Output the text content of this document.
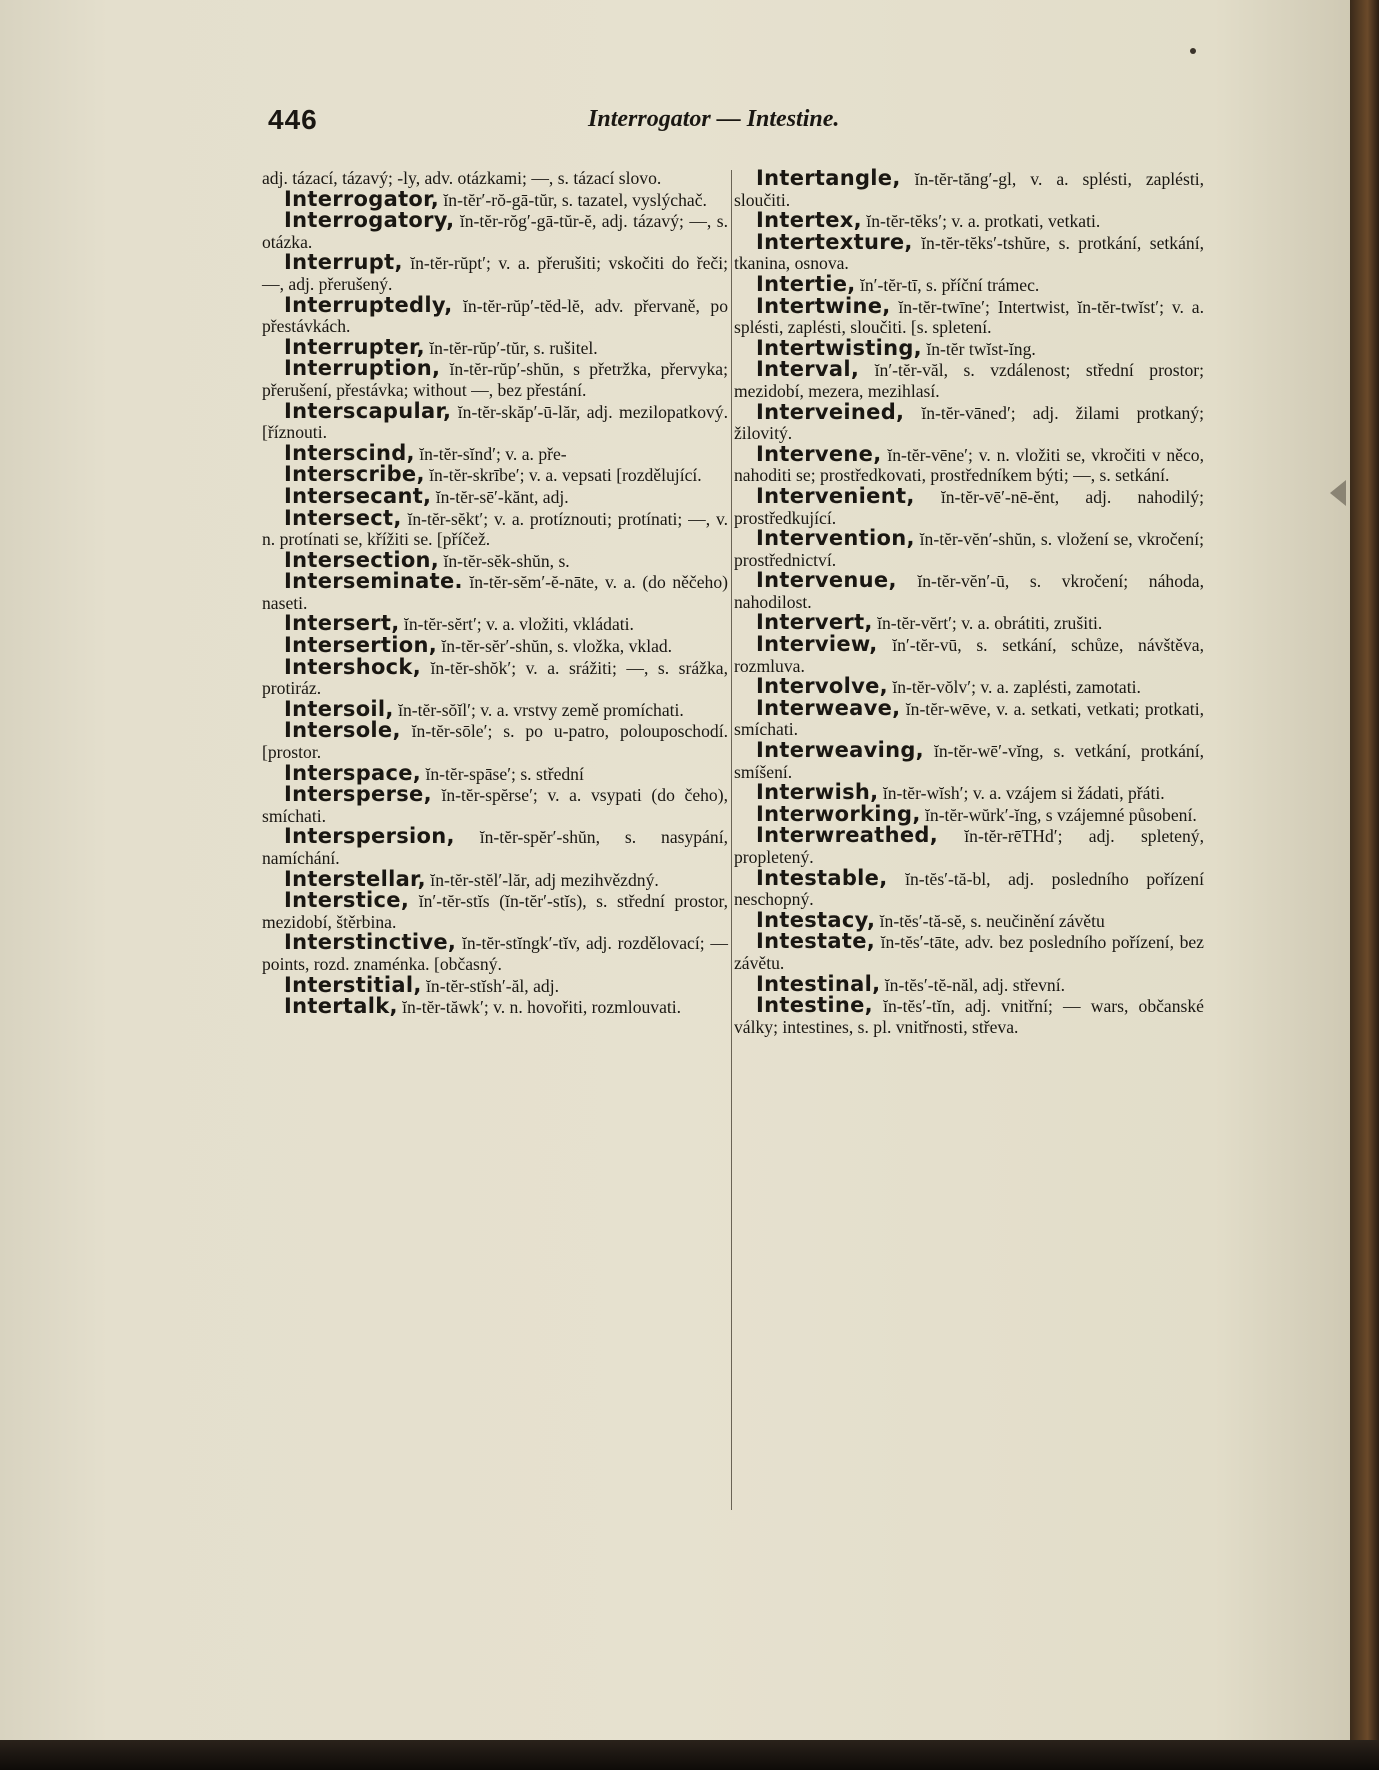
446	Interrogator — Intestine.

adj. tázací, tázavý; -ly, adv. otázkami; —, s. tázací slovo.

Interrogator, ĭn-tĕr′-rŏ-gā-tŭr, s. tazatel, vyslýchač.

Interrogatory, ĭn-tĕr-rŏg′-gā-tŭr-ĕ, adj. tázavý; —, s. otázka.

Interrupt, ĭn-tĕr-rŭpt′; v. a. přerušiti; vskočiti do řeči; —, adj. přerušený.

Interruptedly, ĭn-tĕr-rŭp′-tĕd-lĕ, adv. přervaně, po přestávkách.

Interrupter, ĭn-tĕr-rŭp′-tŭr, s. rušitel.

Interruption, ĭn-tĕr-rŭp′-shŭn, s přetržka, přervyka; přerušení, přestávka; without —, bez přestání.

Interscapular, ĭn-tĕr-skăp′-ū-lăr, adj. mezilopatkový. [říznouti.

Interscind, ĭn-tĕr-sĭnd′; v. a. pře-

Interscribe, ĭn-tĕr-skrībe′; v. a. vepsati [rozdělující.

Intersecant, ĭn-tĕr-sē′-kănt, adj.

Intersect, ĭn-tĕr-sĕkt′; v. a. protíznouti; protínati; —, v. n. protínati se, křížiti se. [příčež.

Intersection, ĭn-tĕr-sĕk-shŭn, s.

Interseminate. ĭn-tĕr-sĕm′-ĕ-nāte, v. a. (do něčeho) naseti.

Intersert, ĭn-tĕr-sĕrt′; v. a. vložiti, vkládati.

Intersertion, ĭn-tĕr-sĕr′-shŭn, s. vložka, vklad.

Intershock, ĭn-tĕr-shŏk′; v. a. srážiti; —, s. srážka, protiráz.

Intersoil, ĭn-tĕr-sŏĭl′; v. a. vrstvy země promíchati.

Intersole, ĭn-tĕr-sōle′; s. po u-patro, polouposchodí. [prostor.

Interspace, ĭn-tĕr-spāse′; s. střední

Intersperse, ĭn-tĕr-spĕrse′; v. a. vsypati (do čeho), smíchati.

Interspersion, ĭn-tĕr-spĕr′-shŭn, s. nasypání, namíchání.

Interstellar, ĭn-tĕr-stĕl′-lăr, adj mezihvězdný.

Interstice, ĭn′-tĕr-stĭs (ĭn-tĕr′-stĭs), s. střední prostor, mezidobí, štěrbina.

Interstinctive, ĭn-tĕr-stĭngk′-tĭv, adj. rozdělovací; — points, rozd. znaménka. [občasný.

Interstitial, ĭn-tĕr-stĭsh′-ăl, adj.

Intertalk, ĭn-tĕr-tăwk′; v. n. hovořiti, rozmlouvati.

Intertangle, ĭn-tĕr-tăng′-gl, v. a. splésti, zaplésti, sloučiti.

Intertex, ĭn-tĕr-tĕks′; v. a. protkati, vetkati.

Intertexture, ĭn-tĕr-tĕks′-tshŭre, s. protkání, setkání, tkanina, osnova.

Intertie, ĭn′-tĕr-tī, s. příční trámec.

Intertwine, ĭn-tĕr-twīne′; Intertwist, ĭn-tĕr-twĭst′; v. a. splésti, zaplésti, sloučiti. [s. spletení.

Intertwisting, ĭn-tĕr twĭst-ĭng.

Interval, ĭn′-tĕr-văl, s. vzdálenost; střední prostor; mezidobí, mezera, mezihlasí.

Interveined, ĭn-tĕr-vāned′; adj. žilami protkaný; žilovitý.

Intervene, ĭn-tĕr-vēne′; v. n. vložiti se, vkročiti v něco, nahoditi se; prostředkovati, prostředníkem býti; —, s. setkání.

Intervenient, ĭn-tĕr-vē′-nē-ĕnt, adj. nahodilý; prostředkující.

Intervention, ĭn-tĕr-vĕn′-shŭn, s. vložení se, vkročení; prostřednictví.

Intervenue, ĭn-tĕr-vĕn′-ū, s. vkročení; náhoda, nahodilost.

Intervert, ĭn-tĕr-vĕrt′; v. a. obrátiti, zrušiti.

Interview, ĭn′-tĕr-vū, s. setkání, schůze, návštěva, rozmluva.

Intervolve, ĭn-tĕr-vŏlv′; v. a. zaplésti, zamotati.

Interweave, ĭn-tĕr-wēve, v. a. setkati, vetkati; protkati, smíchati.

Interweaving, ĭn-tĕr-wē′-vĭng, s. vetkání, protkání, smíšení.

Interwish, ĭn-tĕr-wĭsh′; v. a. vzájem si žádati, přáti.

Interworking, ĭn-tĕr-wŭrk′-ĭng, s vzájemné působení.

Interwreathed, ĭn-tĕr-rēTHd′; adj. spletený, propletený.

Intestable, ĭn-tĕs′-tă-bl, adj. posledního pořízení neschopný.

Intestacy, ĭn-tĕs′-tă-sĕ, s. neučinění závětu

Intestate, ĭn-tĕs′-tāte, adv. bez posledního pořízení, bez závětu.

Intestinal, ĭn-tĕs′-tĕ-năl, adj. střevní.

Intestine, ĭn-tĕs′-tĭn, adj. vnitřní; — wars, občanské války; intestines, s. pl. vnitřnosti, střeva.
